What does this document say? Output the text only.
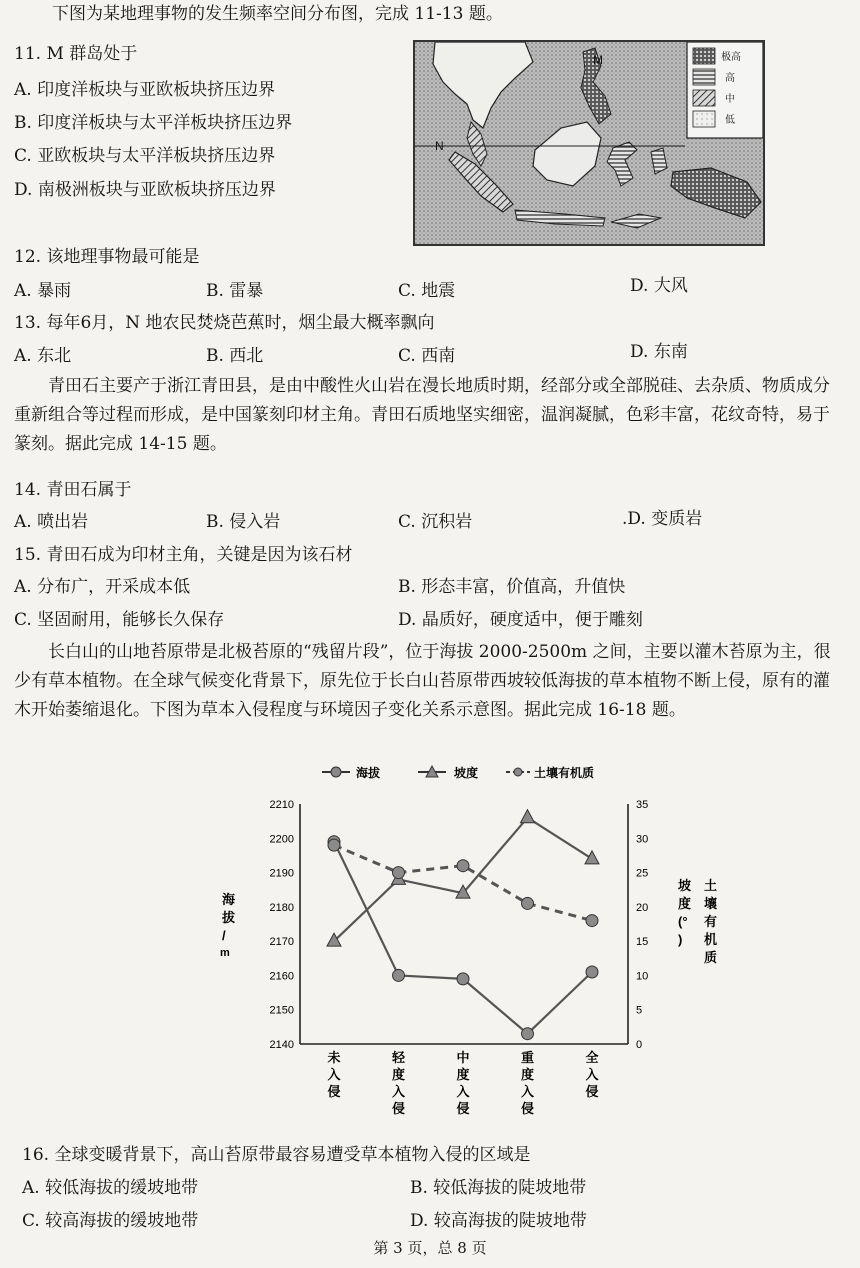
下图为某地理事物的发生频率空间分布图，完成 11-13 题。
11. M 群岛处于
A. 印度洋板块与亚欧板块挤压边界
B. 印度洋板块与太平洋板块挤压边界
C. 亚欧板块与太平洋板块挤压边界
D. 南极洲板块与亚欧板块挤压边界
M
N
极高
高
中
低
12. 该地理事物最可能是
A. 暴雨	B. 雷暴	C. 地震	D. 大风
13. 每年6月，N 地农民焚烧芭蕉时，烟尘最大概率飘向
A. 东北	B. 西北	C. 西南	D. 东南
青田石主要产于浙江青田县，是由中酸性火山岩在漫长地质时期，经部分或全部脱硅、去杂质、物质成分重新组合等过程而形成，是中国篆刻印材主角。青田石质地坚实细密，温润凝腻，色彩丰富，花纹奇特，易于篆刻。据此完成 14-15 题。
14. 青田石属于
A. 喷出岩	B. 侵入岩	C. 沉积岩	.D. 变质岩
15. 青田石成为印材主角，关键是因为该石材
A. 分布广，开采成本低	B. 形态丰富，价值高，升值快
C. 坚固耐用，能够长久保存	D. 晶质好，硬度适中，便于雕刻
长白山的山地苔原带是北极苔原的“残留片段”，位于海拔 2000-2500m 之间，主要以灌木苔原为主，很少有草本植物。在全球气候变化背景下，原先位于长白山苔原带西坡较低海拔的草本植物不断上侵，原有的灌木开始萎缩退化。下图为草本入侵程度与环境因子变化关系示意图。据此完成 16-18 题。
海拔	坡度	土壤有机质
海拔/ m
坡度(° )
土壤有机质
2140
2150
2160
2170
2180
2190
2200
2210
0
5
10
15
20
25
30
35
未入侵
轻度入侵
中度入侵
重度入侵
全入侵
16. 全球变暖背景下，高山苔原带最容易遭受草本植物入侵的区域是
A. 较低海拔的缓坡地带	B. 较低海拔的陡坡地带
C. 较高海拔的缓坡地带	D. 较高海拔的陡坡地带
第 3 页，总 8 页
